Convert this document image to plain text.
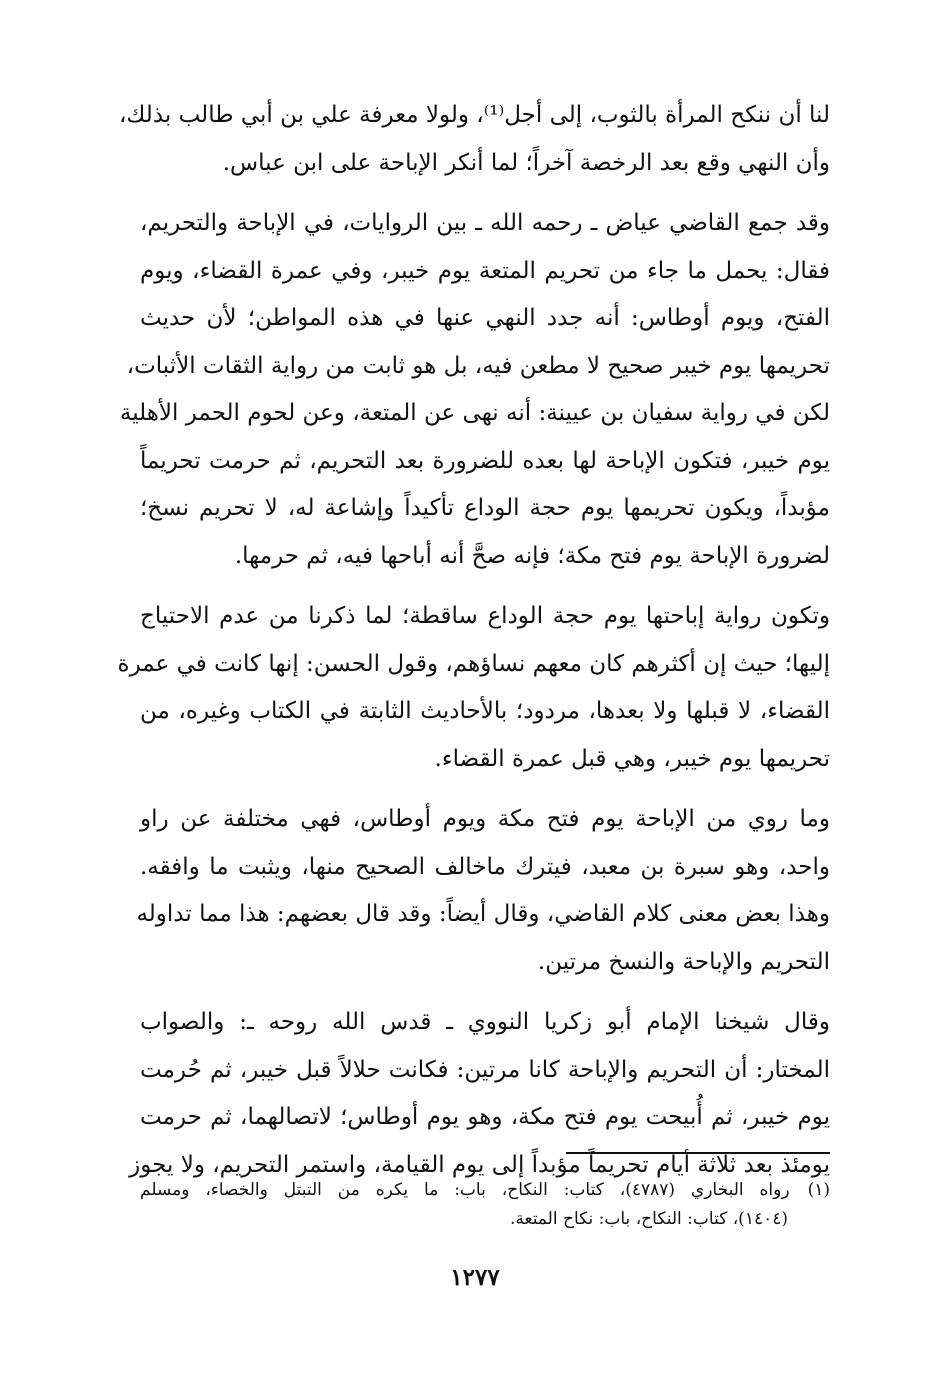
لنا أن ننكح المرأة بالثوب، إلى أجل⁽¹⁾، ولولا معرفة علي بن أبي طالب بذلك،
وأن النهي وقع بعد الرخصة آخراً؛ لما أنكر الإباحة على ابن عباس.

وقد جمع القاضي عياض ـ رحمه الله ـ بين الروايات، في الإباحة والتحريم،
فقال: يحمل ما جاء من تحريم المتعة يوم خيبر، وفي عمرة القضاء، ويوم
الفتح، ويوم أوطاس: أنه جدد النهي عنها في هذه المواطن؛ لأن حديث
تحريمها يوم خيبر صحيح لا مطعن فيه، بل هو ثابت من رواية الثقات الأثبات،
لكن في رواية سفيان بن عيينة: أنه نهى عن المتعة، وعن لحوم الحمر الأهلية
يوم خيبر، فتكون الإباحة لها بعده للضرورة بعد التحريم، ثم حرمت تحريماً
مؤبداً، ويكون تحريمها يوم حجة الوداع تأكيداً وإشاعة له، لا تحريم نسخ؛
لضرورة الإباحة يوم فتح مكة؛ فإنه صحَّ أنه أباحها فيه، ثم حرمها.

وتكون رواية إباحتها يوم حجة الوداع ساقطة؛ لما ذكرنا من عدم الاحتياج
إليها؛ حيث إن أكثرهم كان معهم نساؤهم، وقول الحسن: إنها كانت في عمرة
القضاء، لا قبلها ولا بعدها، مردود؛ بالأحاديث الثابتة في الكتاب وغيره، من
تحريمها يوم خيبر، وهي قبل عمرة القضاء.

وما روي من الإباحة يوم فتح مكة ويوم أوطاس، فهي مختلفة عن راو
واحد، وهو سبرة بن معبد، فيترك ماخالف الصحيح منها، ويثبت ما وافقه.
وهذا بعض معنى كلام القاضي، وقال أيضاً: وقد قال بعضهم: هذا مما تداوله
التحريم والإباحة والنسخ مرتين.

وقال شيخنا الإمام أبو زكريا النووي ـ قدس الله روحه ـ: والصواب
المختار: أن التحريم والإباحة كانا مرتين: فكانت حلالاً قبل خيبر، ثم حُرمت
يوم خيبر، ثم أُبيحت يوم فتح مكة، وهو يوم أوطاس؛ لاتصالهما، ثم حرمت
يومئذ بعد ثلاثة أيام تحريماً مؤبداً إلى يوم القيامة، واستمر التحريم، ولا يجوز

(١)رواه البخاري (٤٧٨٧)، كتاب: النكاح، باب: ما يكره من التبتل والخصاء، ومسلم
(١٤٠٤)، كتاب: النكاح، باب: نكاح المتعة.
١٢٧٧
